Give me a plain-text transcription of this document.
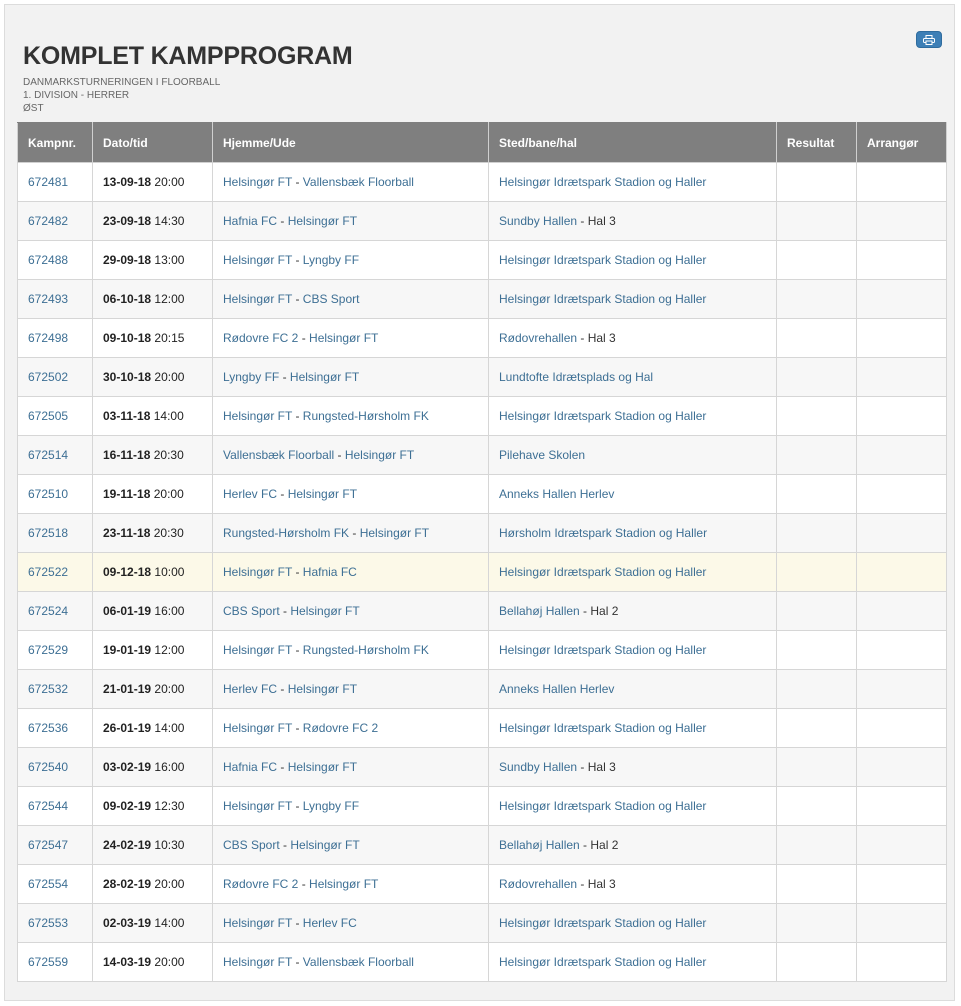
KOMPLET KAMPPROGRAM
DANMARKSTURNERINGEN I FLOORBALL
1. DIVISION - HERRER
ØST
Kampnr.	Dato/tid	Hjemme/Ude	Sted/bane/hal	Resultat	Arrangør
672481	13-09-18 20:00	Helsingør FT - Vallensbæk Floorball	Helsingør Idrætspark Stadion og Haller		
672482	23-09-18 14:30	Hafnia FC - Helsingør FT	Sundby Hallen - Hal 3		
672488	29-09-18 13:00	Helsingør FT - Lyngby FF	Helsingør Idrætspark Stadion og Haller		
672493	06-10-18 12:00	Helsingør FT - CBS Sport	Helsingør Idrætspark Stadion og Haller		
672498	09-10-18 20:15	Rødovre FC 2 - Helsingør FT	Rødovrehallen - Hal 3		
672502	30-10-18 20:00	Lyngby FF - Helsingør FT	Lundtofte Idrætsplads og Hal		
672505	03-11-18 14:00	Helsingør FT - Rungsted-Hørsholm FK	Helsingør Idrætspark Stadion og Haller		
672514	16-11-18 20:30	Vallensbæk Floorball - Helsingør FT	Pilehave Skolen		
672510	19-11-18 20:00	Herlev FC - Helsingør FT	Anneks Hallen Herlev		
672518	23-11-18 20:30	Rungsted-Hørsholm FK - Helsingør FT	Hørsholm Idrætspark Stadion og Haller		
672522	09-12-18 10:00	Helsingør FT - Hafnia FC	Helsingør Idrætspark Stadion og Haller		
672524	06-01-19 16:00	CBS Sport - Helsingør FT	Bellahøj Hallen - Hal 2		
672529	19-01-19 12:00	Helsingør FT - Rungsted-Hørsholm FK	Helsingør Idrætspark Stadion og Haller		
672532	21-01-19 20:00	Herlev FC - Helsingør FT	Anneks Hallen Herlev		
672536	26-01-19 14:00	Helsingør FT - Rødovre FC 2	Helsingør Idrætspark Stadion og Haller		
672540	03-02-19 16:00	Hafnia FC - Helsingør FT	Sundby Hallen - Hal 3		
672544	09-02-19 12:30	Helsingør FT - Lyngby FF	Helsingør Idrætspark Stadion og Haller		
672547	24-02-19 10:30	CBS Sport - Helsingør FT	Bellahøj Hallen - Hal 2		
672554	28-02-19 20:00	Rødovre FC 2 - Helsingør FT	Rødovrehallen - Hal 3		
672553	02-03-19 14:00	Helsingør FT - Herlev FC	Helsingør Idrætspark Stadion og Haller		
672559	14-03-19 20:00	Helsingør FT - Vallensbæk Floorball	Helsingør Idrætspark Stadion og Haller		
